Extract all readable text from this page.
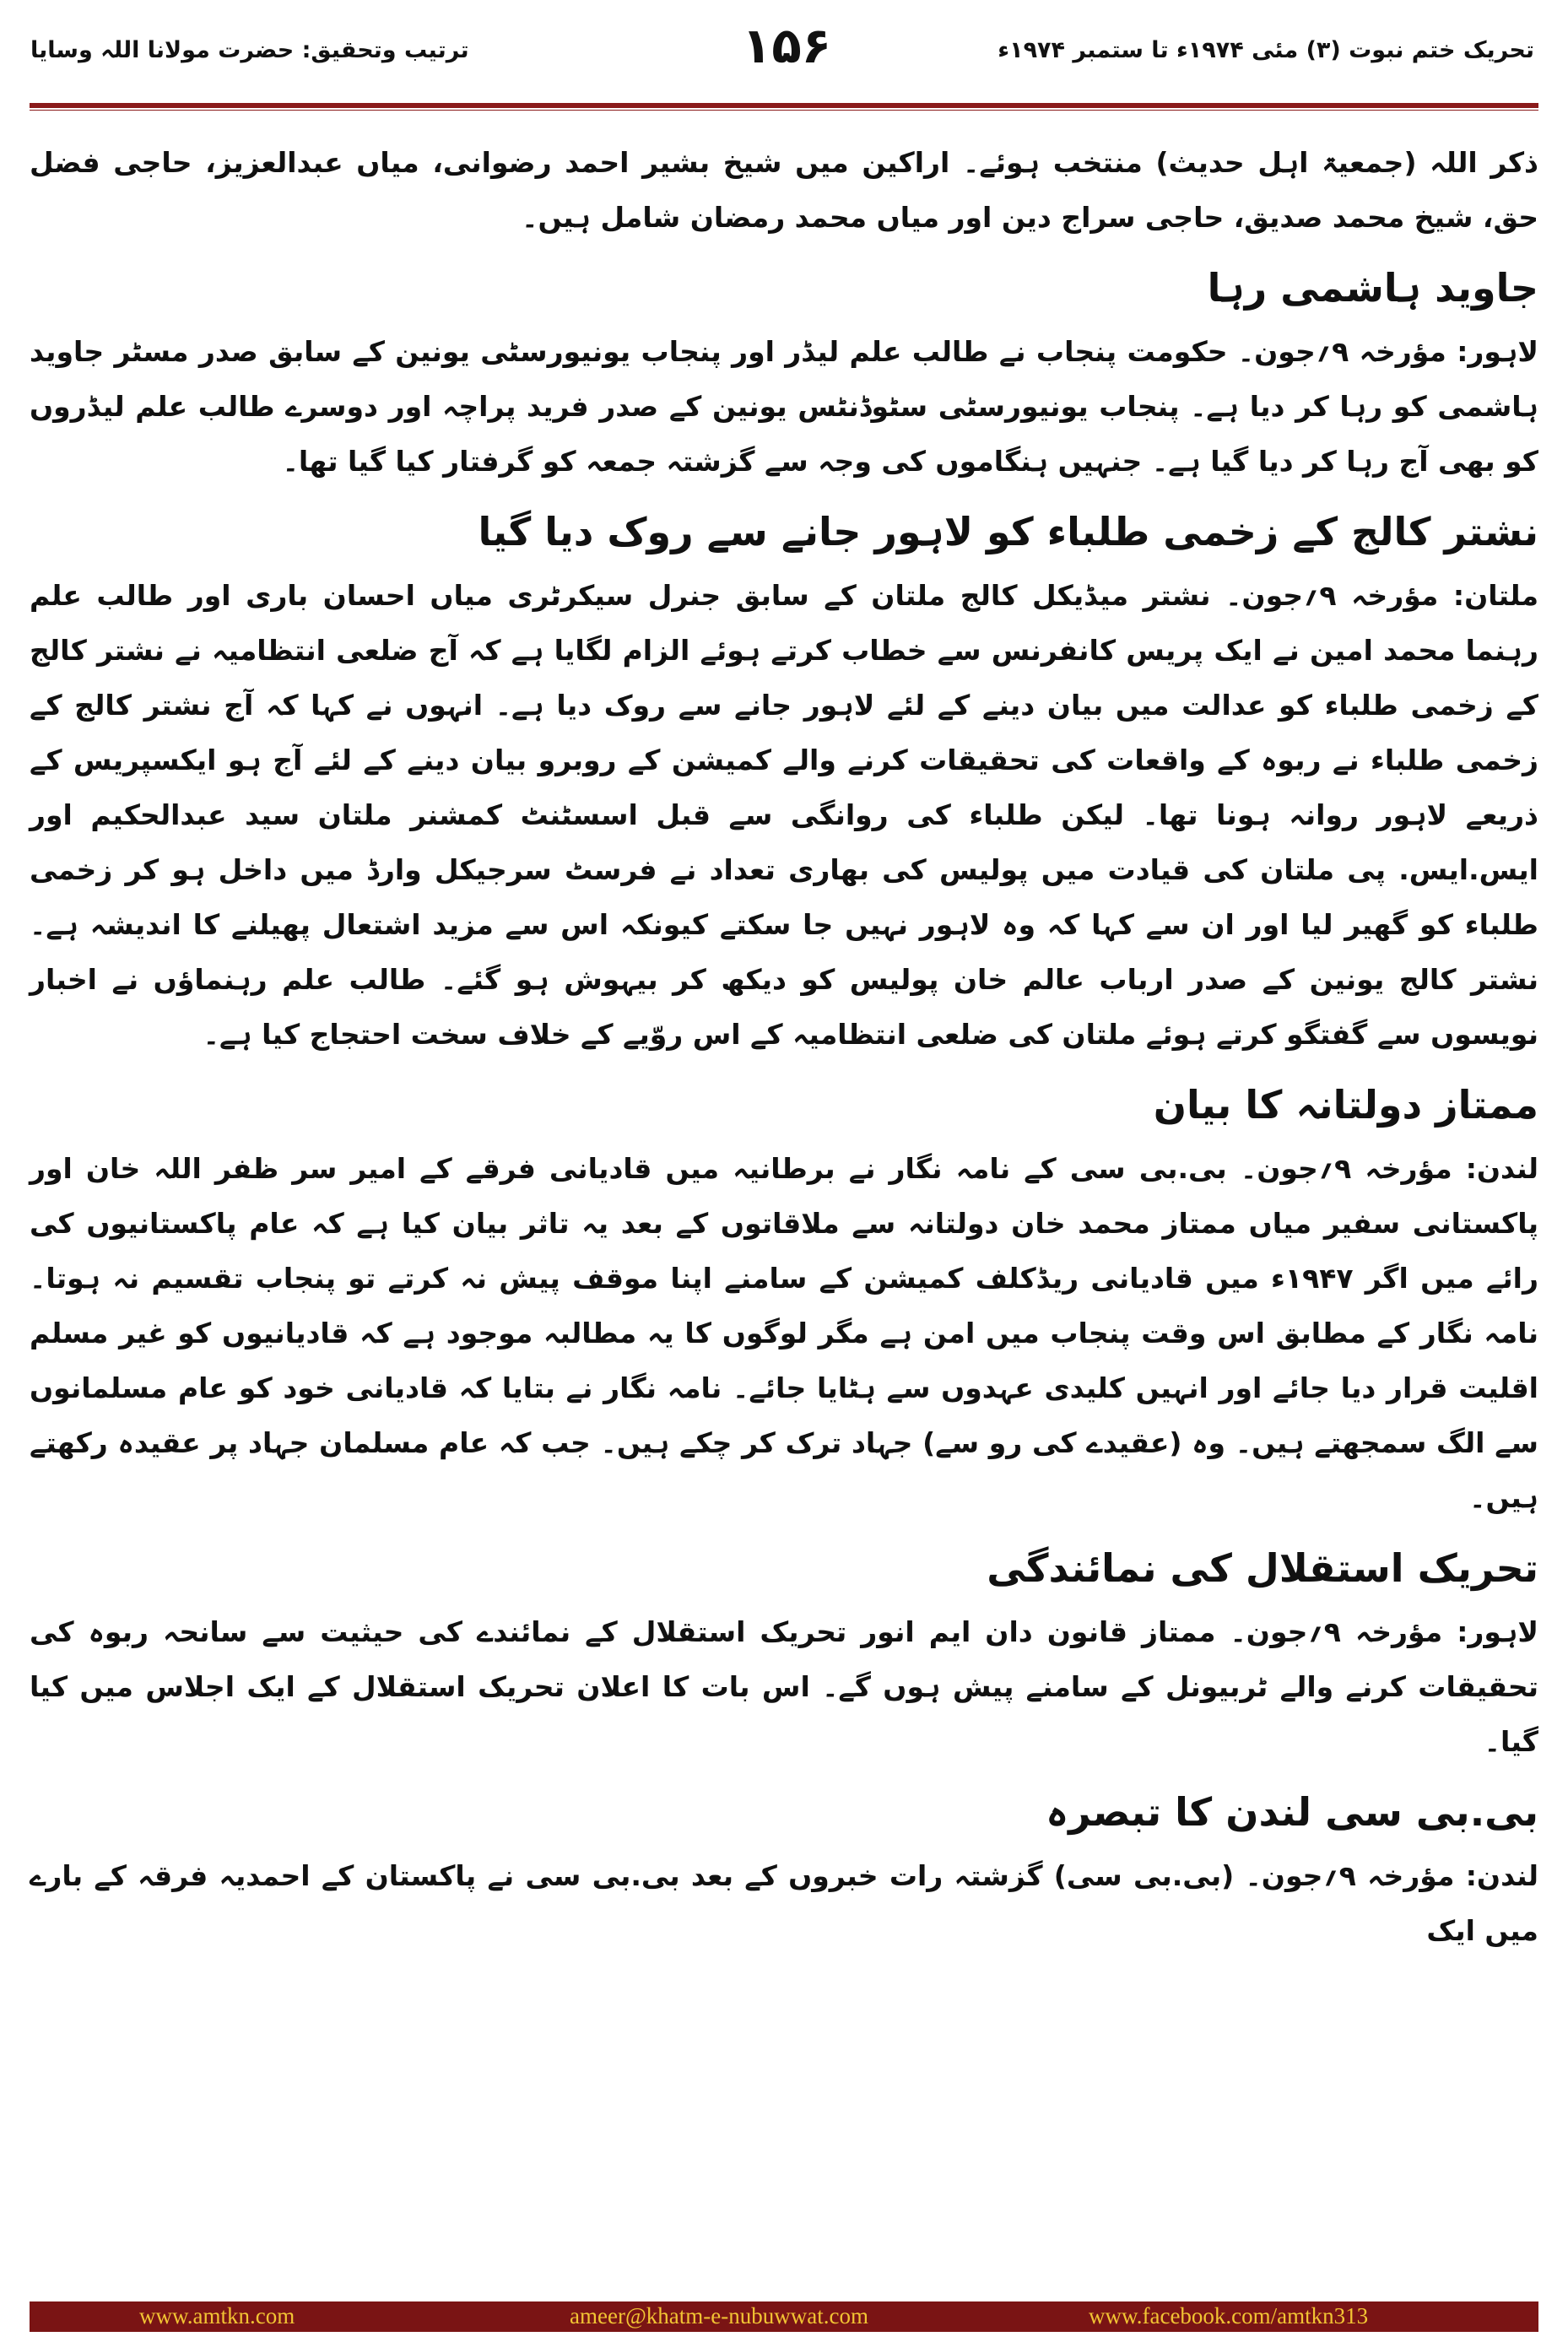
تحریک ختم نبوت (۳) مئی ۱۹۷۴ء تا ستمبر ۱۹۷۴ء
۱۵۶
ترتیب وتحقیق: حضرت مولانا اللہ وسایا

ذکر اللہ (جمعیۃ اہل حدیث) منتخب ہوئے۔ اراکین میں شیخ بشیر احمد رضوانی، میاں عبدالعزیز، حاجی فضل حق، شیخ محمد صدیق، حاجی سراج دین اور میاں محمد رمضان شامل ہیں۔

جاوید ہاشمی رہا

لاہور: مؤرخہ ۹؍جون۔ حکومت پنجاب نے طالب علم لیڈر اور پنجاب یونیورسٹی یونین کے سابق صدر مسٹر جاوید ہاشمی کو رہا کر دیا ہے۔ پنجاب یونیورسٹی سٹوڈنٹس یونین کے صدر فرید پراچہ اور دوسرے طالب علم لیڈروں کو بھی آج رہا کر دیا گیا ہے۔ جنہیں ہنگاموں کی وجہ سے گزشتہ جمعہ کو گرفتار کیا گیا تھا۔

نشتر کالج کے زخمی طلباء کو لاہور جانے سے روک دیا گیا

ملتان: مؤرخہ ۹؍جون۔ نشتر میڈیکل کالج ملتان کے سابق جنرل سیکرٹری میاں احسان باری اور طالب علم رہنما محمد امین نے ایک پریس کانفرنس سے خطاب کرتے ہوئے الزام لگایا ہے کہ آج ضلعی انتظامیہ نے نشتر کالج کے زخمی طلباء کو عدالت میں بیان دینے کے لئے لاہور جانے سے روک دیا ہے۔ انہوں نے کہا کہ آج نشتر کالج کے زخمی طلباء نے ربوہ کے واقعات کی تحقیقات کرنے والے کمیشن کے روبرو بیان دینے کے لئے آج ہو ایکسپریس کے ذریعے لاہور روانہ ہونا تھا۔ لیکن طلباء کی روانگی سے قبل اسسٹنٹ کمشنر ملتان سید عبدالحکیم اور ایس.ایس. پی ملتان کی قیادت میں پولیس کی بھاری تعداد نے فرسٹ سرجیکل وارڈ میں داخل ہو کر زخمی طلباء کو گھیر لیا اور ان سے کہا کہ وہ لاہور نہیں جا سکتے کیونکہ اس سے مزید اشتعال پھیلنے کا اندیشہ ہے۔ نشتر کالج یونین کے صدر ارباب عالم خان پولیس کو دیکھ کر بیہوش ہو گئے۔ طالب علم رہنماؤں نے اخبار نویسوں سے گفتگو کرتے ہوئے ملتان کی ضلعی انتظامیہ کے اس روّیے کے خلاف سخت احتجاج کیا ہے۔

ممتاز دولتانہ کا بیان

لندن: مؤرخہ ۹؍جون۔ بی.بی سی کے نامہ نگار نے برطانیہ میں قادیانی فرقے کے امیر سر ظفر اللہ خان اور پاکستانی سفیر میاں ممتاز محمد خان دولتانہ سے ملاقاتوں کے بعد یہ تاثر بیان کیا ہے کہ عام پاکستانیوں کی رائے میں اگر ۱۹۴۷ء میں قادیانی ریڈکلف کمیشن کے سامنے اپنا موقف پیش نہ کرتے تو پنجاب تقسیم نہ ہوتا۔ نامہ نگار کے مطابق اس وقت پنجاب میں امن ہے مگر لوگوں کا یہ مطالبہ موجود ہے کہ قادیانیوں کو غیر مسلم اقلیت قرار دیا جائے اور انہیں کلیدی عہدوں سے ہٹایا جائے۔ نامہ نگار نے بتایا کہ قادیانی خود کو عام مسلمانوں سے الگ سمجھتے ہیں۔ وہ (عقیدے کی رو سے) جہاد ترک کر چکے ہیں۔ جب کہ عام مسلمان جہاد پر عقیدہ رکھتے ہیں۔

تحریک استقلال کی نمائندگی

لاہور: مؤرخہ ۹؍جون۔ ممتاز قانون دان ایم انور تحریک استقلال کے نمائندے کی حیثیت سے سانحہ ربوہ کی تحقیقات کرنے والے ٹربیونل کے سامنے پیش ہوں گے۔ اس بات کا اعلان تحریک استقلال کے ایک اجلاس میں کیا گیا۔

بی.بی سی لندن کا تبصرہ

لندن: مؤرخہ ۹؍جون۔ (بی.بی سی) گزشتہ رات خبروں کے بعد بی.بی سی نے پاکستان کے احمدیہ فرقہ کے بارے میں ایک

www.amtkn.com	ameer@khatm-e-nubuwwat.com	www.facebook.com/amtkn313
